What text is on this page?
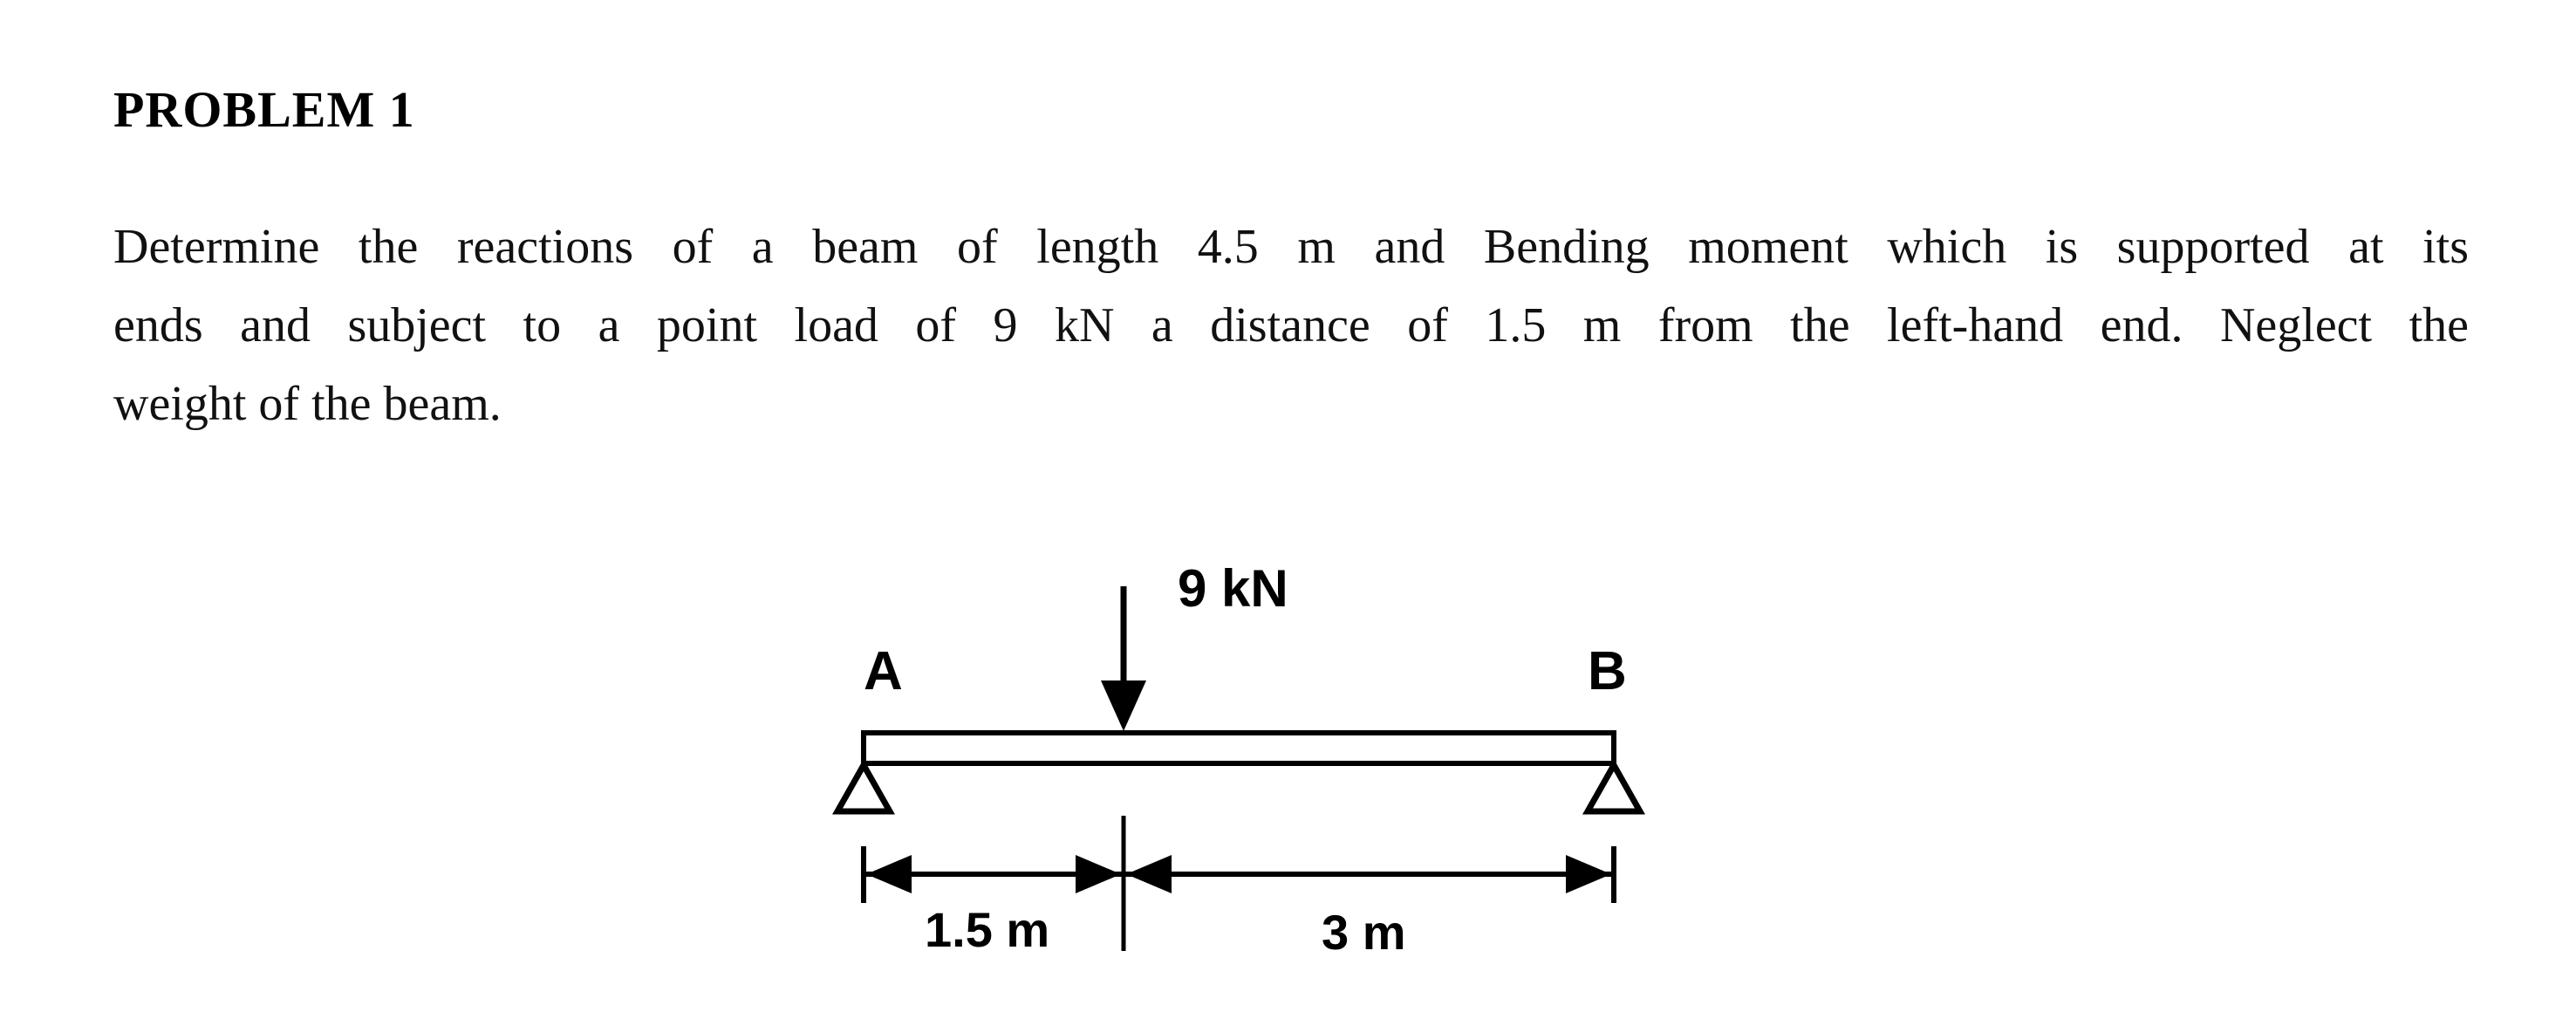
PROBLEM 1
Determine the reactions of a beam of length 4.5 m and Bending moment which is supported at its
ends and subject to a point load of 9 kN a distance of 1.5 m from the left-hand end. Neglect the
weight of the beam.
9 kN
A	B
1.5 m	3 m
